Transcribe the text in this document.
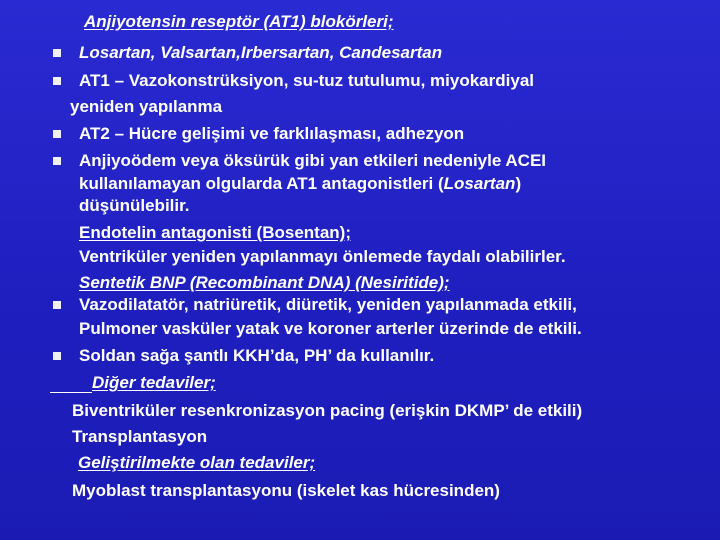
Anjiyotensin reseptör (AT1) blokörleri;
Losartan, Valsartan,Irbersartan, Candesartan
AT1 – Vazokonstrüksiyon, su-tuz tutulumu, miyokardiyal
yeniden yapılanma
AT2 – Hücre gelişimi ve farklılaşması, adhezyon
Anjiyoödem veya öksürük gibi yan etkileri nedeniyle ACEI
kullanılamayan olgularda AT1 antagonistleri (Losartan)
düşünülebilir.
Endotelin antagonisti (Bosentan);
Ventriküler yeniden yapılanmayı önlemede faydalı olabilirler.
Sentetik BNP (Recombinant DNA) (Nesiritide);
Vazodilatatör, natriüretik, diüretik, yeniden yapılanmada etkili,
Pulmoner vasküler yatak ve koroner arterler üzerinde de etkili.
Soldan sağa şantlı KKH’da, PH’ da kullanılır.
Diğer tedaviler;
Biventriküler resenkronizasyon pacing (erişkin DKMP’ de etkili)
Transplantasyon
Geliştirilmekte olan tedaviler;
Myoblast transplantasyonu (iskelet kas hücresinden)
